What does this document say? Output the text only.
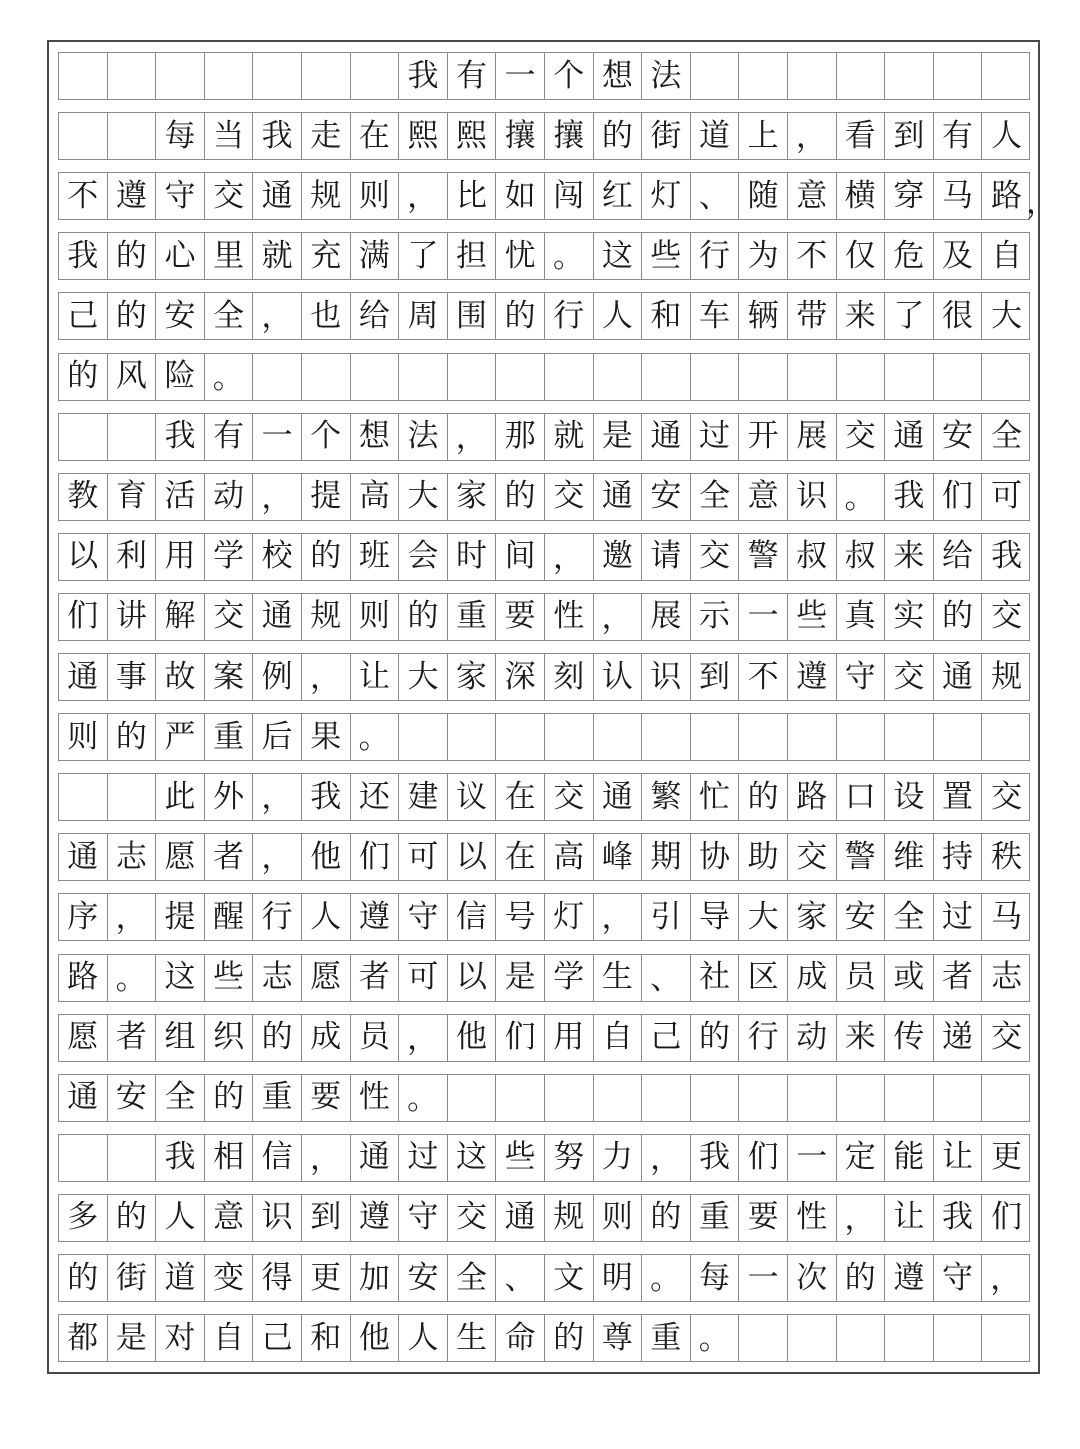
我 有 一 个 想 法
每 当 我 走 在 熙 熙 攘 攘 的 街 道 上 ， 看 到 有 人
不 遵 守 交 通 规 则 ， 比 如 闯 红 灯 、 随 意 横 穿 马 路
我 的 心 里 就 充 满 了 担 忧 。 这 些 行 为 不 仅 危 及 自
己 的 安 全 ， 也 给 周 围 的 行 人 和 车 辆 带 来 了 很 大
的 风 险 。
我 有 一 个 想 法 ， 那 就 是 通 过 开 展 交 通 安 全
教 育 活 动 ， 提 高 大 家 的 交 通 安 全 意 识 。 我 们 可
以 利 用 学 校 的 班 会 时 间 ， 邀 请 交 警 叔 叔 来 给 我
们 讲 解 交 通 规 则 的 重 要 性 ， 展 示 一 些 真 实 的 交
通 事 故 案 例 ， 让 大 家 深 刻 认 识 到 不 遵 守 交 通 规
则 的 严 重 后 果 。
此 外 ， 我 还 建 议 在 交 通 繁 忙 的 路 口 设 置 交
通 志 愿 者 ， 他 们 可 以 在 高 峰 期 协 助 交 警 维 持 秩
序 ， 提 醒 行 人 遵 守 信 号 灯 ， 引 导 大 家 安 全 过 马
路 。 这 些 志 愿 者 可 以 是 学 生 、 社 区 成 员 或 者 志
愿 者 组 织 的 成 员 ， 他 们 用 自 己 的 行 动 来 传 递 交
通 安 全 的 重 要 性 。
我 相 信 ， 通 过 这 些 努 力 ， 我 们 一 定 能 让 更
多 的 人 意 识 到 遵 守 交 通 规 则 的 重 要 性 ， 让 我 们
的 街 道 变 得 更 加 安 全 、 文 明 。 每 一 次 的 遵 守 ，
都 是 对 自 己 和 他 人 生 命 的 尊 重 。
，
